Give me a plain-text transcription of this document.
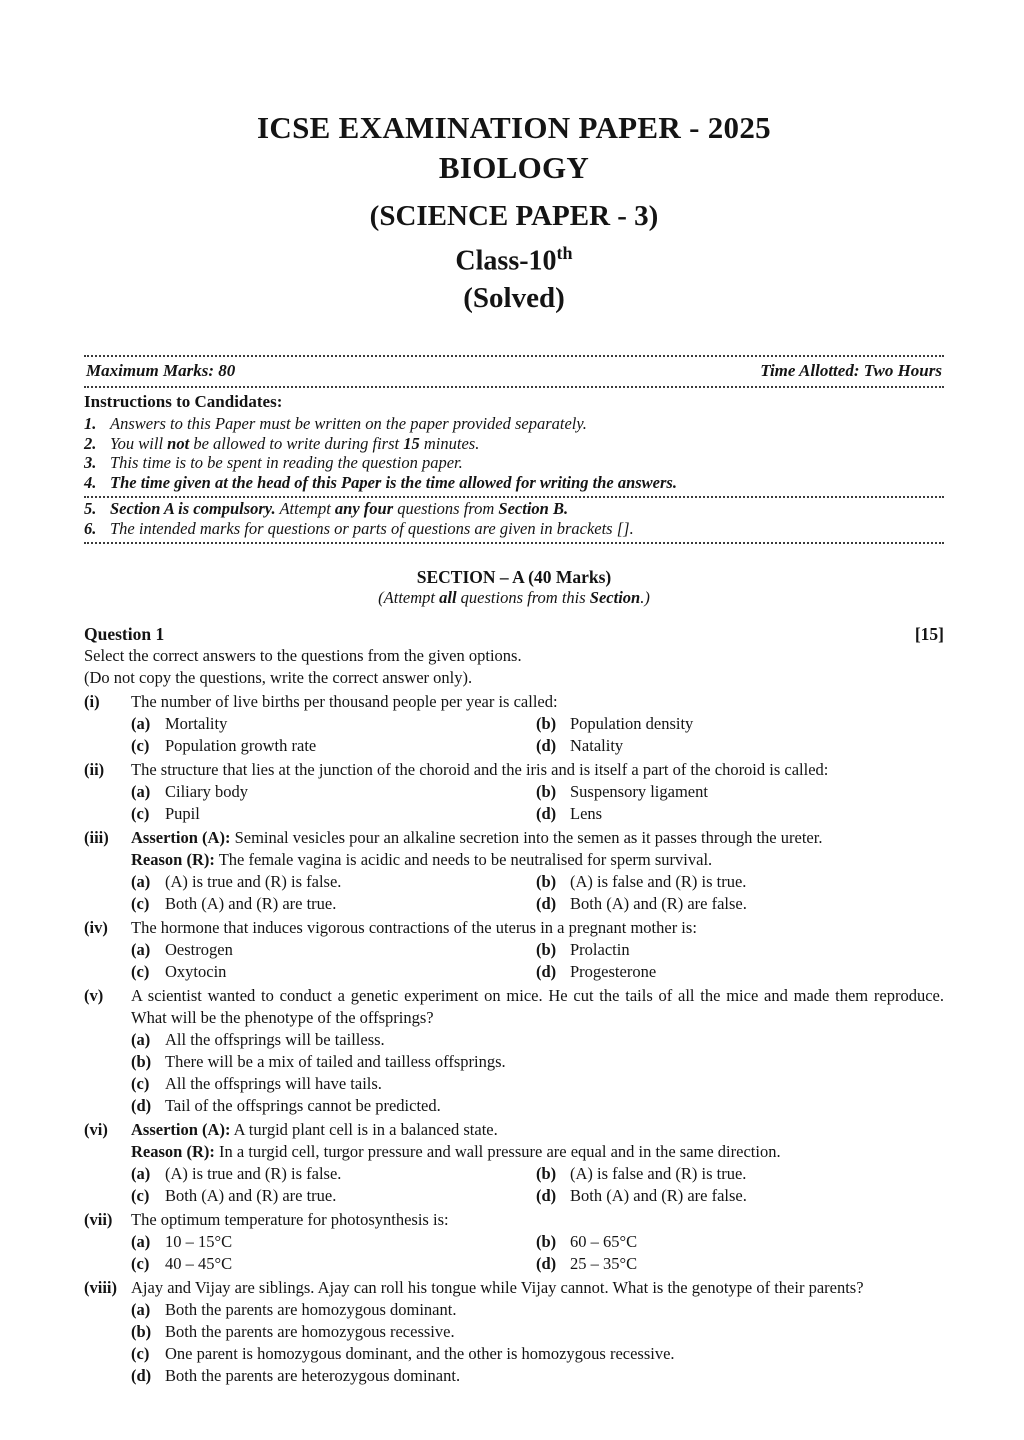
ICSE EXAMINATION PAPER - 2025
BIOLOGY
(SCIENCE PAPER - 3)
Class-10th
(Solved)
Maximum Marks: 80	Time Allotted: Two Hours
Instructions to Candidates:
1. Answers to this Paper must be written on the paper provided separately.
2. You will not be allowed to write during first 15 minutes.
3. This time is to be spent in reading the question paper.
4. The time given at the head of this Paper is the time allowed for writing the answers.
5. Section A is compulsory. Attempt any four questions from Section B.
6. The intended marks for questions or parts of questions are given in brackets [].
SECTION – A (40 Marks)
(Attempt all questions from this Section.)
Question 1	[15]
Select the correct answers to the questions from the given options.
(Do not copy the questions, write the correct answer only).
(i) The number of live births per thousand people per year is called:
(a) Mortality	(b) Population density
(c) Population growth rate	(d) Natality
(ii) The structure that lies at the junction of the choroid and the iris and is itself a part of the choroid is called:
(a) Ciliary body	(b) Suspensory ligament
(c) Pupil	(d) Lens
(iii) Assertion (A): Seminal vesicles pour an alkaline secretion into the semen as it passes through the ureter.
Reason (R): The female vagina is acidic and needs to be neutralised for sperm survival.
(a) (A) is true and (R) is false.	(b) (A) is false and (R) is true.
(c) Both (A) and (R) are true.	(d) Both (A) and (R) are false.
(iv) The hormone that induces vigorous contractions of the uterus in a pregnant mother is:
(a) Oestrogen	(b) Prolactin
(c) Oxytocin	(d) Progesterone
(v) A scientist wanted to conduct a genetic experiment on mice. He cut the tails of all the mice and made them reproduce. What will be the phenotype of the offsprings?
(a) All the offsprings will be tailless.
(b) There will be a mix of tailed and tailless offsprings.
(c) All the offsprings will have tails.
(d) Tail of the offsprings cannot be predicted.
(vi) Assertion (A): A turgid plant cell is in a balanced state.
Reason (R): In a turgid cell, turgor pressure and wall pressure are equal and in the same direction.
(a) (A) is true and (R) is false.	(b) (A) is false and (R) is true.
(c) Both (A) and (R) are true.	(d) Both (A) and (R) are false.
(vii) The optimum temperature for photosynthesis is:
(a) 10 – 15°C	(b) 60 – 65°C
(c) 40 – 45°C	(d) 25 – 35°C
(viii) Ajay and Vijay are siblings. Ajay can roll his tongue while Vijay cannot. What is the genotype of their parents?
(a) Both the parents are homozygous dominant.
(b) Both the parents are homozygous recessive.
(c) One parent is homozygous dominant, and the other is homozygous recessive.
(d) Both the parents are heterozygous dominant.
